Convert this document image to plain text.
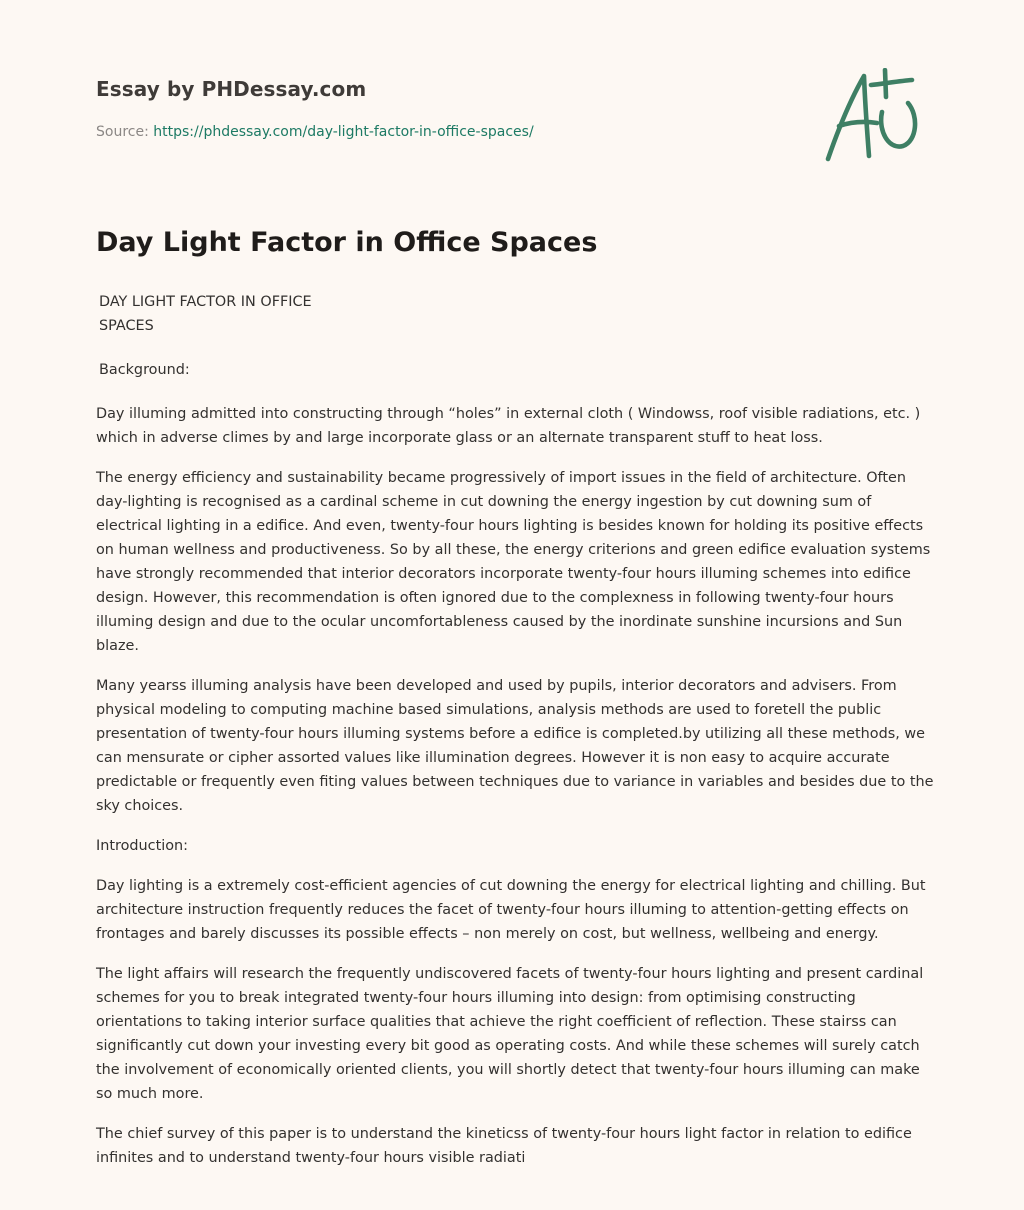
Essay by PHDessay.com
Source: https://phdessay.com/day-light-factor-in-office-spaces/
Day Light Factor in Office Spaces

DAY LIGHT FACTOR IN OFFICE SPACES

Background:

Day illuming admitted into constructing through “holes” in external cloth ( Windowss, roof visible radiations, etc. ) which in adverse climes by and large incorporate glass or an alternate transparent stuff to heat loss.

The energy efficiency and sustainability became progressively of import issues in the field of architecture. Often day-lighting is recognised as a cardinal scheme in cut downing the energy ingestion by cut downing sum of electrical lighting in a edifice. And even, twenty-four hours lighting is besides known for holding its positive effects on human wellness and productiveness. So by all these, the energy criterions and green edifice evaluation systems have strongly recommended that interior decorators incorporate twenty-four hours illuming schemes into edifice design. However, this recommendation is often ignored due to the complexness in following twenty-four hours illuming design and due to the ocular uncomfortableness caused by the inordinate sunshine incursions and Sun blaze.

Many yearss illuming analysis have been developed and used by pupils, interior decorators and advisers. From physical modeling to computing machine based simulations, analysis methods are used to foretell the public presentation of twenty-four hours illuming systems before a edifice is completed.by utilizing all these methods, we can mensurate or cipher assorted values like illumination degrees. However it is non easy to acquire accurate predictable or frequently even fiting values between techniques due to variance in variables and besides due to the sky choices.

Introduction:

Day lighting is a extremely cost-efficient agencies of cut downing the energy for electrical lighting and chilling. But architecture instruction frequently reduces the facet of twenty-four hours illuming to attention-getting effects on frontages and barely discusses its possible effects – non merely on cost, but wellness, wellbeing and energy.

The light affairs will research the frequently undiscovered facets of twenty-four hours lighting and present cardinal schemes for you to break integrated twenty-four hours illuming into design: from optimising constructing orientations to taking interior surface qualities that achieve the right coefficient of reflection. These stairss can significantly cut down your investing every bit good as operating costs. And while these schemes will surely catch the involvement of economically oriented clients, you will shortly detect that twenty-four hours illuming can make so much more.

The chief survey of this paper is to understand the kineticss of twenty-four hours light factor in relation to edifice infinites and to understand twenty-four hours visible radiati
